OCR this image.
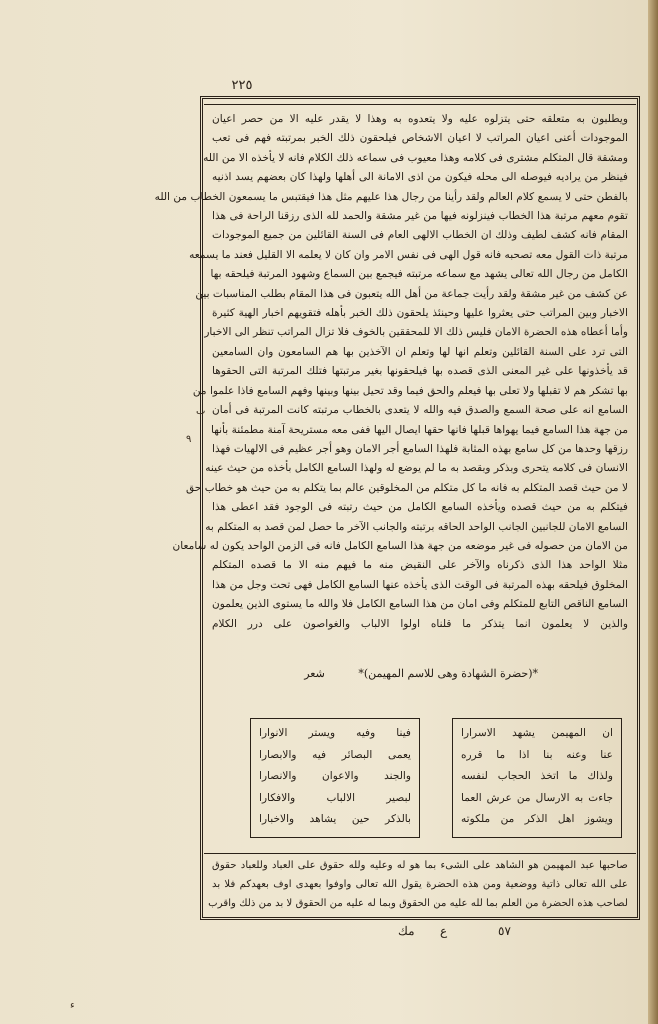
٢٢٥
ويطلبون به متعلقه حتى يتزلوه عليه ولا يتعدوه به وهذا لا يقدر عليه الا من حصر اعيان
الموجودات أعنى اعيان المراتب لا اعيان الاشخاص فيلحقون ذلك الخبر بمرتبته فهم فى تعب
ومشقة قال المتكلم مشترى فى كلامه وهذا معيوب فى سماعه ذلك الكلام فانه لا يأخذه الا من الله
فينظر من يراديه فيوصله الى محله فيكون من اذى الامانة الى أهلها ولهذا كان بعضهم يسد اذنيه
بالفطن حتى لا يسمع كلام العالم ولقد رأينا من رجال هذا عليهم مثل هذا فيقتبس ما يسمعون الخطاب من الله
تقوم معهم مرتبة هذا الخطاب فينزلونه فيها من غير مشقة والحمد لله الذى رزقنا الراحة فى هذا
المقام فانه كشف لطيف وذلك ان الخطاب الالهى العام فى السنة القائلين من جميع الموجودات
مرتبة ذات القول معه تصحبه فانه قول الهى فى نفس الامر وان كان لا يعلمه الا القليل فعند ما يسمعه
الكامل من رجال الله تعالى يشهد مع سماعه مرتبته فيجمع بين السماع وشهود المرتبة فيلحقه بها
عن كشف من غير مشقة ولقد رأيت جماعة من أهل الله يتعبون فى هذا المقام بطلب المناسبات بين
الاخبار وبين المراتب حتى يعثروا عليها وحينئذ يلحقون ذلك الخبر بأهله فتقويهم اخبار الهية كثيرة
وأما أعطاه هذه الحضرة الامان فليس ذلك الا للمحققين بالخوف فلا تزال المراتب تنظر الى الاخبار
التى ترد على السنة القائلين وتعلم انها لها وتعلم ان الآخذين بها هم السامعون وان السامعين
قد يأخذونها على غير المعنى الذى قصده بها فيلحقونها بغير مرتبتها فتلك المرتبة التى الحقوها
بها تشكر هم لا تقبلها ولا تعلى بها فيعلم والحق فيما وقد تحيل بينها وبينها وفهم السامع فاذا علموا من
السامع انه على صحة السمع والصدق فيه والله لا يتعدى بالخطاب مرتبته كانت المرتبة فى أمان
من جهة هذا السامع فيما يهواها قبلها فانها حقها ايصال اليها ففى معه مستريحة آمنة مطمئنة بأنها
رزقها وحدها من كل سامع بهذه المثابة فلهذا السامع أجر الامان وهو أجر عظيم فى الالهيات فهذا
الانسان فى كلامه يتحرى وبذكر وبقصد به ما لم يوضع له ولهذا السامع الكامل بأخذه من حيث عينه
لا من حيث قصد المتكلم به فانه ما كل متكلم من المخلوقين عالم بما يتكلم به من حيث هو خطاب حق
فيتكلم به من حيث قصده ويأخذه السامع الكامل من حيث رتبته فى الوجود فقد اعطى هذا
السامع الامان للجانبين الجانب الواحد الحاقه برتبته والجانب الآخر ما حصل لمن قصد به المتكلم به
من الامان من حصوله فى غير موضعه من جهة هذا السامع الكامل فانه فى الزمن الواحد يكون له سامعان
مثلا الواحد هذا الذى ذكرناه والآخر على النقيض منه ما فيهم منه الا ما قصده المتكلم
المخلوق فيلحقه بهذه المرتبة فى الوقت الذى يأخذه عنها السامع الكامل فهى تحت وجل من هذا
السامع الناقص التابع للمتكلم وفى امان من هذا السامع الكامل فلا والله ما يستوى الذين يعلمون
والذين لا يعلمون انما يتذكر ما قلناه اولوا الالباب والغواصون على درر الكلام
*(حضرة الشهادة وهى للاسم المهيمن)* شعر
ان المهيمن يشهد الاسرارا
عنا وعنه بنا اذا ما قرره
ولذاك ما اتخذ الحجاب لنفسه
جاءت به الارسال من عرش العما
ويشوز اهل الذكر من ملكوته
فينا وفيه ويستر الانوارا
يعمى البصائر فيه والابصارا
والجند والاعوان والانصارا
لبصير الالباب والافكارا
بالذكر حين يشاهد والاخبارا
صاحبها عبد المهيمن هو الشاهد على الشىء بما هو له وعليه ولله حقوق على العباد وللعباد حقوق
على الله تعالى ذاتية ووضعية ومن هذه الحضرة يقول الله تعالى واوفوا بعهدى اوف بعهدكم فلا بد
لصاحب هذه الحضرة من العلم بما لله عليه من الحقوق وبما له عليه من الحقوق لا بد من ذلك واقرب
٥٧
ع
مك
ب
٩
ء
